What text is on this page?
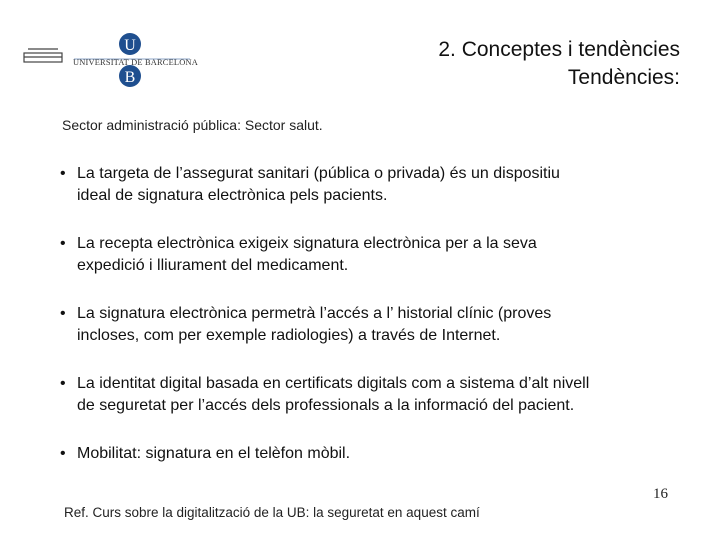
U
B
UNIVERSITAT DE BARCELONA
2. Conceptes i tendències
Tendències:
Sector administració pública: Sector salut.
• La targeta de l’assegurat sanitari (pública o privada) és un dispositiu
ideal de signatura electrònica pels pacients.
• La recepta electrònica exigeix signatura electrònica per a la seva
expedició i lliurament del medicament.
• La signatura electrònica permetrà l’accés a l’ historial clínic (proves
incloses, com per exemple radiologies) a través de Internet.
• La identitat digital basada en certificats digitals com a sistema d’alt nivell
de seguretat per l’accés dels professionals a la informació del pacient.
• Mobilitat: signatura en el telèfon mòbil.
16
Ref. Curs sobre la digitalització de la UB: la seguretat en aquest camí
